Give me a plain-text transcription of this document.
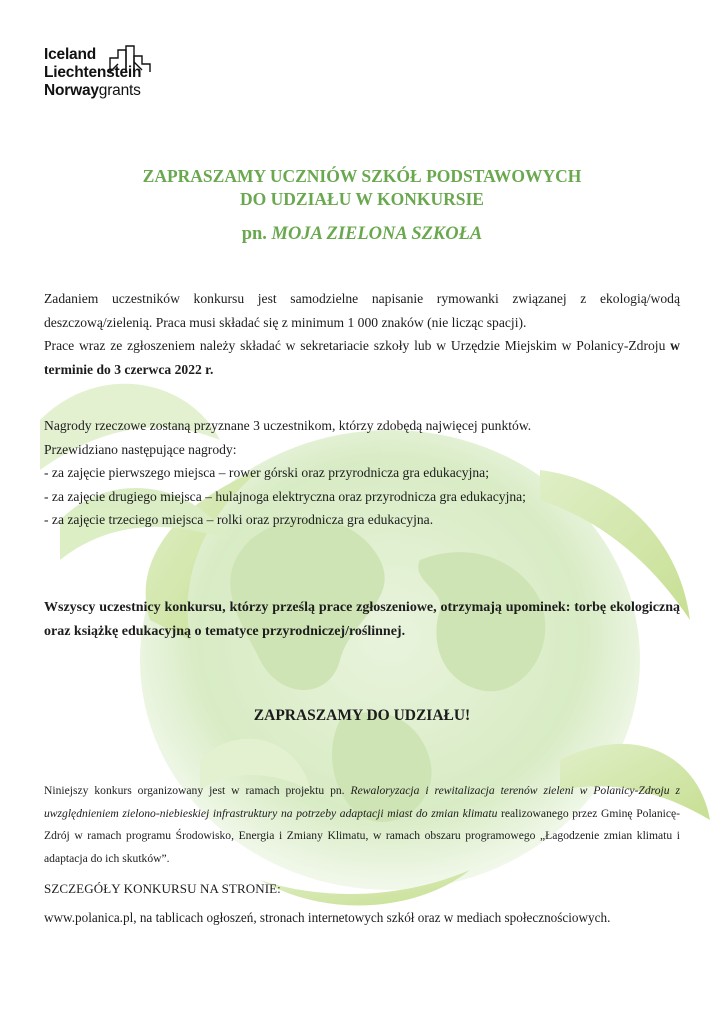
Iceland
Liechtenstein
Norwaygrants
ZAPRASZAMY UCZNIÓW SZKÓŁ PODSTAWOWYCH
DO UDZIAŁU W KONKURSIE
pn. MOJA ZIELONA SZKOŁA
Zadaniem uczestników konkursu jest samodzielne napisanie rymowanki związanej z ekologią/wodą deszczową/zielenią. Praca musi składać się z minimum 1 000 znaków (nie licząc spacji).
Prace wraz ze zgłoszeniem należy składać w sekretariacie szkoły lub w Urzędzie Miejskim w Polanicy-Zdroju w terminie do 3 czerwca 2022 r.
Nagrody rzeczowe zostaną przyznane 3 uczestnikom, którzy zdobędą najwięcej punktów.
Przewidziano następujące nagrody:
- za zajęcie pierwszego miejsca – rower górski oraz przyrodnicza gra edukacyjna;
- za zajęcie drugiego miejsca – hulajnoga elektryczna oraz przyrodnicza gra edukacyjna;
- za zajęcie trzeciego miejsca – rolki oraz przyrodnicza gra edukacyjna.
Wszyscy uczestnicy konkursu, którzy prześlą prace zgłoszeniowe, otrzymają upominek: torbę ekologiczną oraz książkę edukacyjną o tematyce przyrodniczej/roślinnej.
ZAPRASZAMY DO UDZIAŁU!
Niniejszy konkurs organizowany jest w ramach projektu pn. Rewaloryzacja i rewitalizacja terenów zieleni w Polanicy-Zdroju z uwzględnieniem zielono-niebieskiej infrastruktury na potrzeby adaptacji miast do zmian klimatu realizowanego przez Gminę Polanicę-Zdrój w ramach programu Środowisko, Energia i Zmiany Klimatu, w ramach obszaru programowego „Łagodzenie zmian klimatu i adaptacja do ich skutków”.
SZCZEGÓŁY KONKURSU NA STRONIE:
www.polanica.pl, na tablicach ogłoszeń, stronach internetowych szkół oraz w mediach społecznościowych.
